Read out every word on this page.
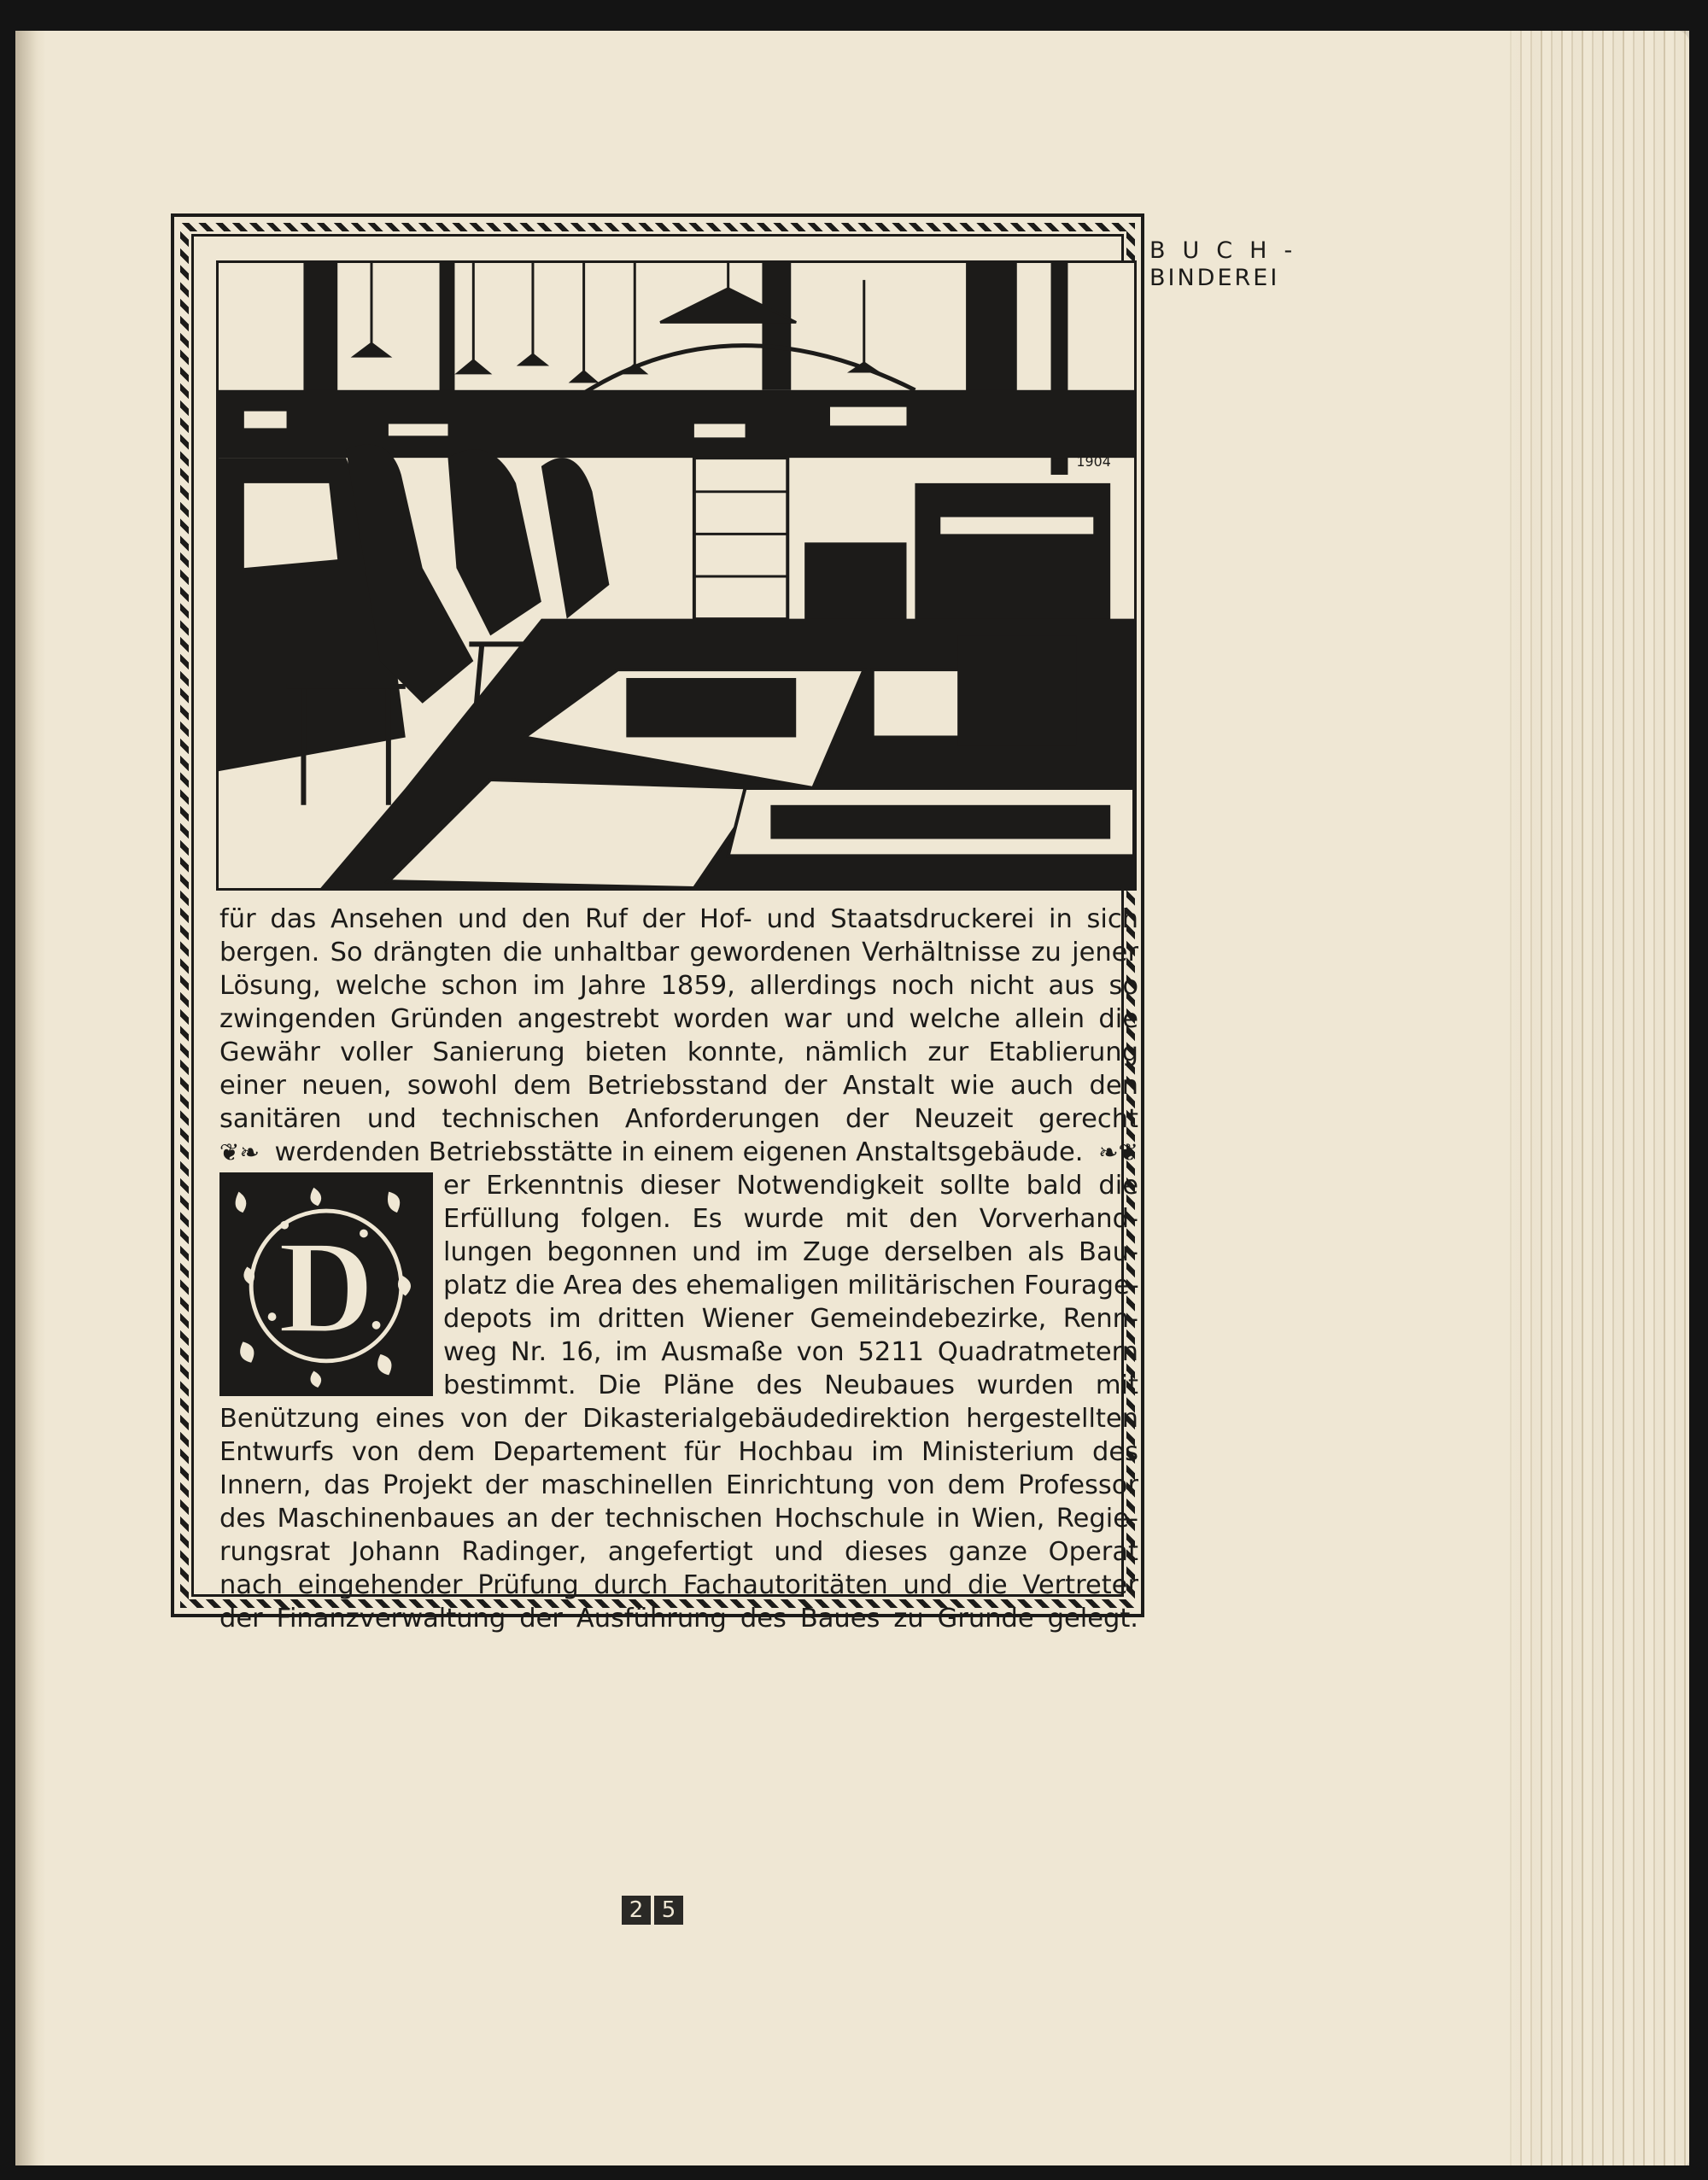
BUCH-
BINDEREI
1904
für das Ansehen und den Ruf der Hof- und Staatsdruckerei in sich
bergen. So drängten die unhaltbar gewordenen Verhältnisse zu jener
Lösung, welche schon im Jahre 1859, allerdings noch nicht aus so
zwingenden Gründen angestrebt worden war und welche allein die
Gewähr voller Sanierung bieten konnte, nämlich zur Etablierung
einer neuen, sowohl dem Betriebsstand der Anstalt wie auch den
sanitären und technischen Anforderungen der Neuzeit gerecht
❦❧ werdenden Betriebsstätte in einem eigenen Anstaltsgebäude. ❧❦
D
er Erkenntnis dieser Notwendigkeit sollte bald die
Erfüllung folgen. Es wurde mit den Vorverhand-
lungen begonnen und im Zuge derselben als Bau-
platz die Area des ehemaligen militärischen Fourage-
depots im dritten Wiener Gemeindebezirke, Renn-
weg Nr. 16, im Ausmaße von 5211 Quadratmetern
bestimmt. Die Pläne des Neubaues wurden mit
Benützung eines von der Dikasterialgebäudedirektion hergestellten
Entwurfs von dem Departement für Hochbau im Ministerium des
Innern, das Projekt der maschinellen Einrichtung von dem Professor
des Maschinenbaues an der technischen Hochschule in Wien, Regie-
rungsrat Johann Radinger, angefertigt und dieses ganze Operat
nach eingehender Prüfung durch Fachautoritäten und die Vertreter
der Finanzverwaltung der Ausführung des Baues zu Grunde gelegt.
2 5
